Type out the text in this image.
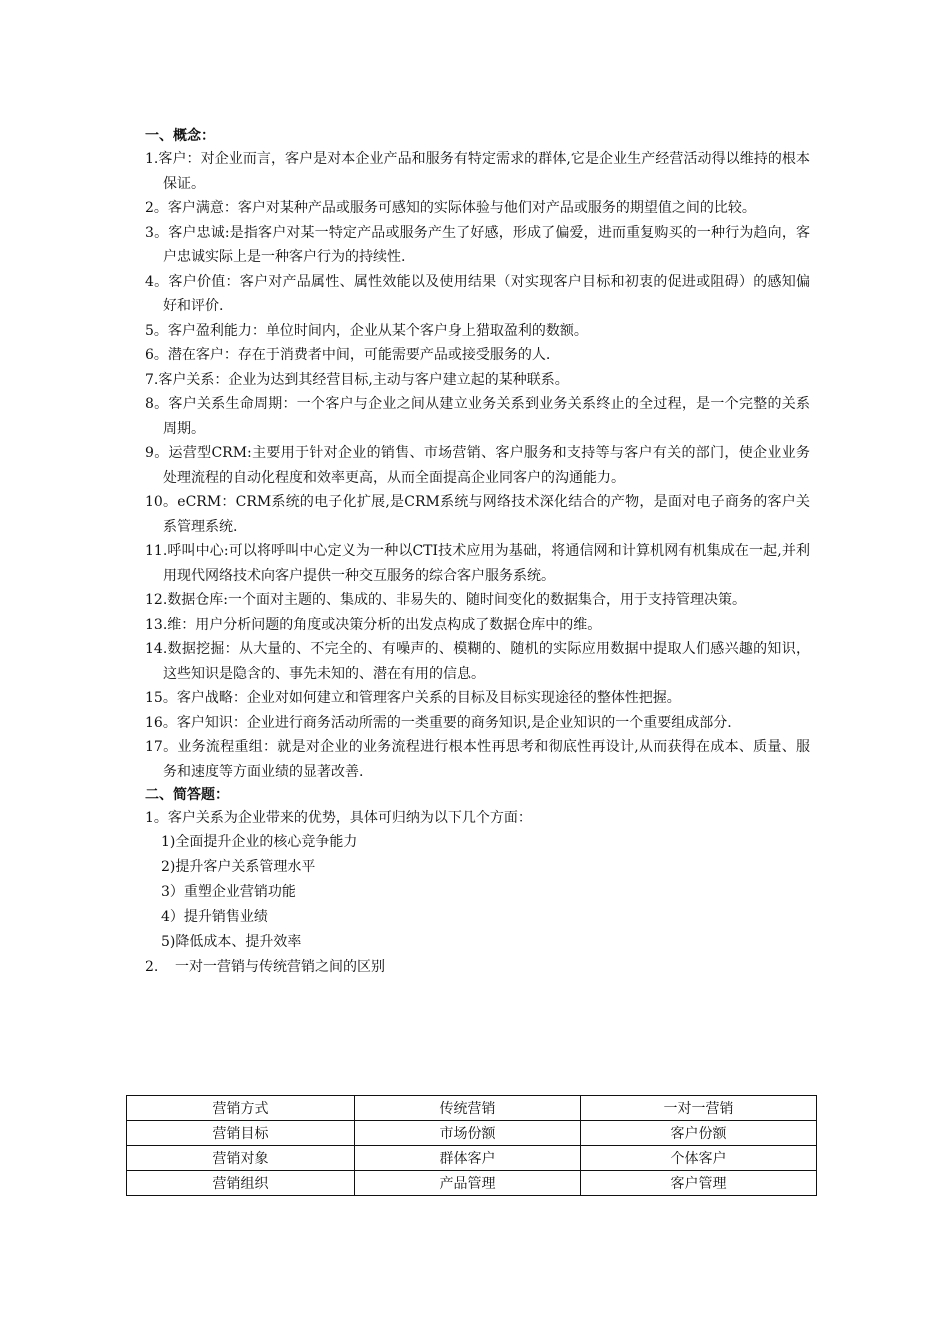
一、概念：

1.客户：对企业而言，客户是对本企业产品和服务有特定需求的群体,它是企业生产经营活动得以维持的根本保证。

2。客户满意：客户对某种产品或服务可感知的实际体验与他们对产品或服务的期望值之间的比较。

3。客户忠诚:是指客户对某一特定产品或服务产生了好感，形成了偏爱，进而重复购买的一种行为趋向，客户忠诚实际上是一种客户行为的持续性.

4。客户价值：客户对产品属性、属性效能以及使用结果（对实现客户目标和初衷的促进或阻碍）的感知偏好和评价.

5。客户盈利能力：单位时间内，企业从某个客户身上猎取盈利的数额。

6。潜在客户：存在于消费者中间，可能需要产品或接受服务的人.

7.客户关系：企业为达到其经营目标,主动与客户建立起的某种联系。

8。客户关系生命周期：一个客户与企业之间从建立业务关系到业务关系终止的全过程，是一个完整的关系周期。

9。运营型CRM:主要用于针对企业的销售、市场营销、客户服务和支持等与客户有关的部门，使企业业务处理流程的自动化程度和效率更高，从而全面提高企业同客户的沟通能力。

10。eCRM：CRM系统的电子化扩展,是CRM系统与网络技术深化结合的产物，是面对电子商务的客户关系管理系统.

11.呼叫中心:可以将呼叫中心定义为一种以CTI技术应用为基础，将通信网和计算机网有机集成在一起,并利用现代网络技术向客户提供一种交互服务的综合客户服务系统。

12.数据仓库:一个面对主题的、集成的、非易失的、随时间变化的数据集合，用于支持管理决策。

13.维：用户分析问题的角度或决策分析的出发点构成了数据仓库中的维。

14.数据挖掘：从大量的、不完全的、有噪声的、模糊的、随机的实际应用数据中提取人们感兴趣的知识，这些知识是隐含的、事先未知的、潜在有用的信息。

15。客户战略：企业对如何建立和管理客户关系的目标及目标实现途径的整体性把握。

16。客户知识：企业进行商务活动所需的一类重要的商务知识,是企业知识的一个重要组成部分.

17。业务流程重组：就是对企业的业务流程进行根本性再思考和彻底性再设计,从而获得在成本、质量、服务和速度等方面业绩的显著改善.

二、简答题：

1。客户关系为企业带来的优势，具体可归纳为以下几个方面：

1)全面提升企业的核心竞争能力

2)提升客户关系管理水平

3）重塑企业营销功能

4）提升销售业绩

5)降低成本、提升效率

2. 一对一营销与传统营销之间的区别

营销方式	传统营销	一对一营销
营销目标	市场份额	客户份额
营销对象	群体客户	个体客户
营销组织	产品管理	客户管理
